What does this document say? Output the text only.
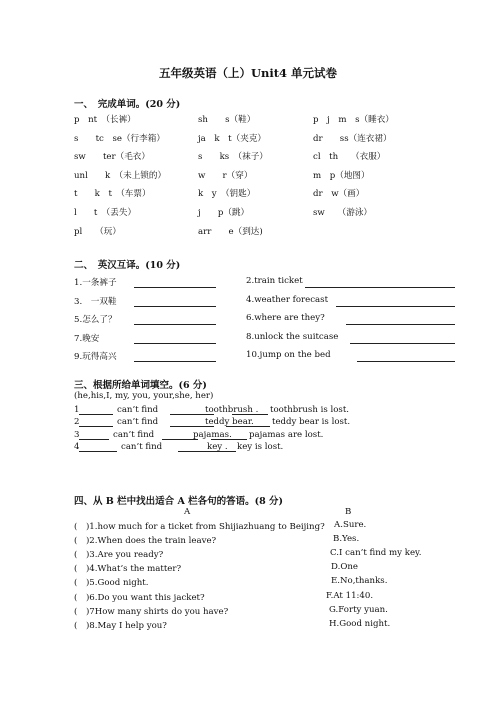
五年级英语（上）Unit4 单元试卷
一、　完成单词。(20 分)
p　nt　（长裤）	sh　　s（鞋）	p　j　m　s（睡衣）
s　　tc　se（行李箱）	ja　k　t（夹克）	dr　　ss（连衣裙）
sw　　ter（毛衣）	s　　ks　（袜子）	cl　th　　（衣服）
unl　　k　（未上锁的）	w　　r（穿）	m　p（地图）
t　　k　t　（车票）	k　y　（钥匙）	dr　w（画）
l　　t　（丢失）	j　　p（跳）	sw　　（游泳）
pl　　（玩）	arr　　e（到达)
二、　英汉互译。(10 分)
1.一条裤子	2.train ticket
3.　一双鞋	4.weather forecast
5.怎么了？	6.where are they?
7.晚安	8.unlock the suitcase
9.玩得高兴	10.jump on the bed
三、根据所给单词填空。(6 分)
(he,his,I, my, you, your,she, her)
1	can’t find	toothbrush . toothbrush is lost.
2	can’t find	teddy bear. teddy bear is lost.
3	can’t find	pajamas. pajamas are lost.
4	can’t find	key . key is lost.
四、从 B 栏中找出适合 A 栏各句的答语。(8 分)
A	B
(　)1.how much for a ticket from Shijiazhuang to Beijing? A.Sure.
(　)2.When does the train leave?	B.Yes.
(　)3.Are you ready?	C.I can’t find my key.
(　)4.What’s the matter?	D.One
(　)5.Good night.	E.No,thanks.
(　)6.Do you want this jacket?	F.At 11:40.
(　)7How many shirts do you have?	G.Forty yuan.
(　)8.May I help you?	H.Good night.
